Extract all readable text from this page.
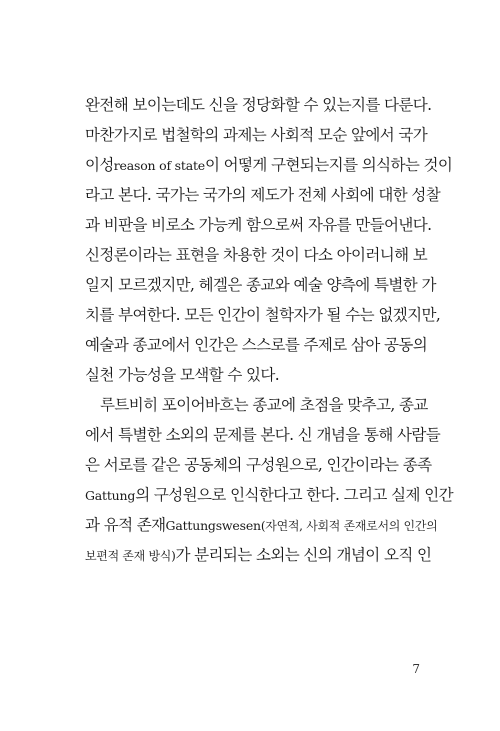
완전해 보이는데도 신을 정당화할 수 있는지를 다룬다.
마찬가지로 법철학의 과제는 사회적 모순 앞에서 국가
이성reason of state이 어떻게 구현되는지를 의식하는 것이
라고 본다. 국가는 국가의 제도가 전체 사회에 대한 성찰
과 비판을 비로소 가능케 함으로써 자유를 만들어낸다.
신정론이라는 표현을 차용한 것이 다소 아이러니해 보
일지 모르겠지만, 헤겔은 종교와 예술 양측에 특별한 가
치를 부여한다. 모든 인간이 철학자가 될 수는 없겠지만,
예술과 종교에서 인간은 스스로를 주제로 삼아 공동의
실천 가능성을 모색할 수 있다.
루트비히 포이어바흐는 종교에 초점을 맞추고, 종교
에서 특별한 소외의 문제를 본다. 신 개념을 통해 사람들
은 서로를 같은 공동체의 구성원으로, 인간이라는 종족
Gattung의 구성원으로 인식한다고 한다. 그리고 실제 인간
과 유적 존재Gattungswesen(자연적, 사회적 존재로서의 인간의
보편적 존재 방식)가 분리되는 소외는 신의 개념이 오직 인
7
